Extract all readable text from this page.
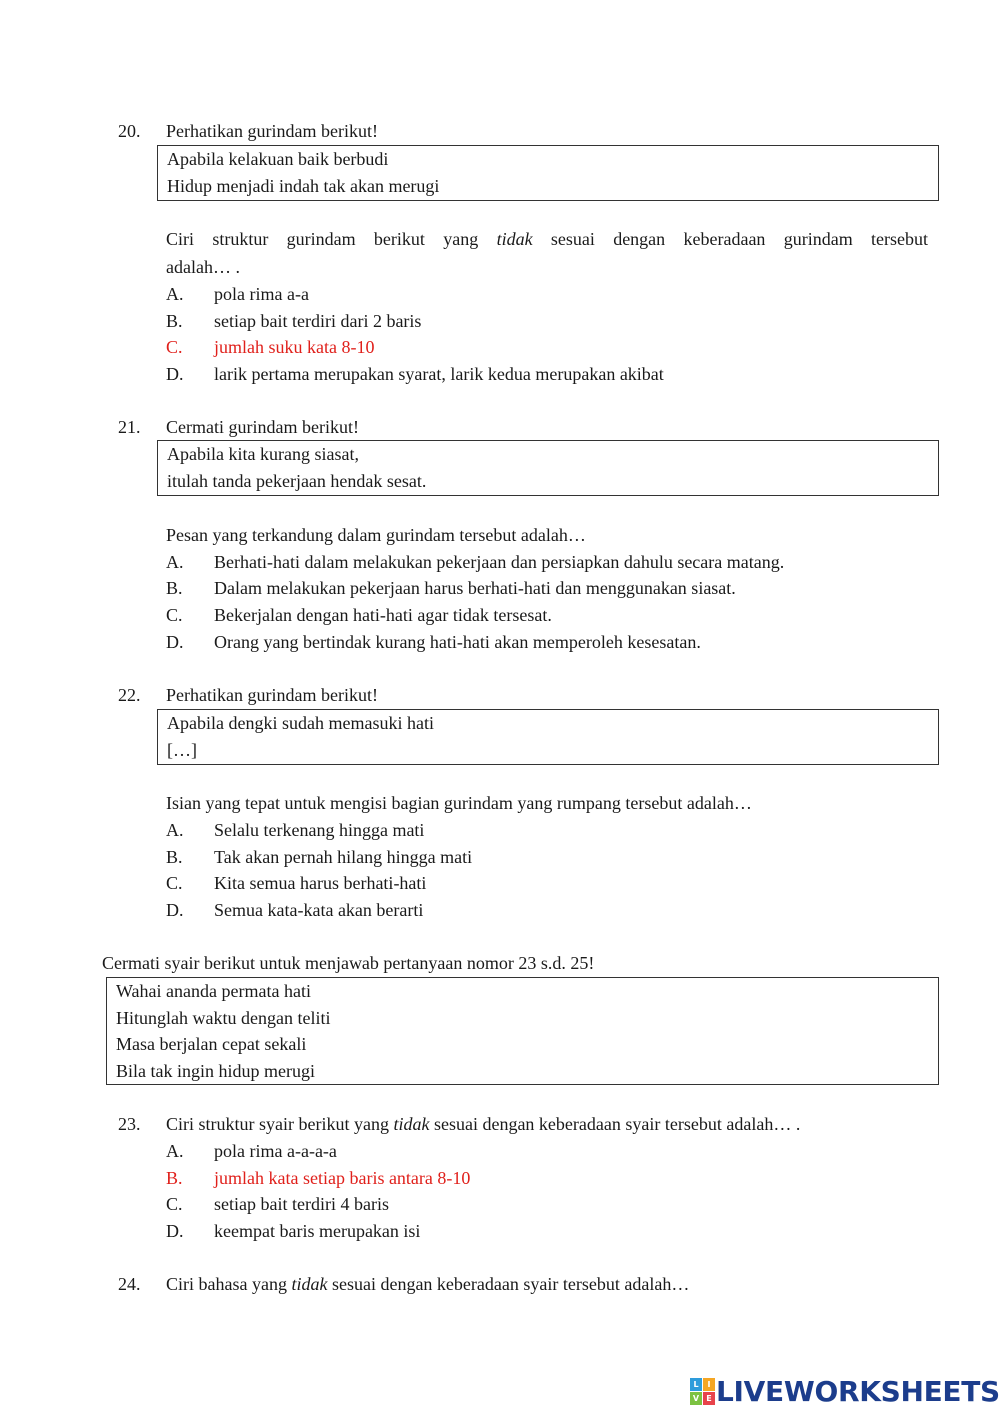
20. Perhatikan gurindam berikut!
Apabila kelakuan baik berbudi
Hidup menjadi indah tak akan merugi
Ciri struktur gurindam berikut yang tidak sesuai dengan keberadaan gurindam tersebut
adalah… .
A. pola rima a-a
B. setiap bait terdiri dari 2 baris
C. jumlah suku kata 8-10
D. larik pertama merupakan syarat, larik kedua merupakan akibat
21. Cermati gurindam berikut!
Apabila kita kurang siasat,
itulah tanda pekerjaan hendak sesat.
Pesan yang terkandung dalam gurindam tersebut adalah…
A. Berhati-hati dalam melakukan pekerjaan dan persiapkan dahulu secara matang.
B. Dalam melakukan pekerjaan harus berhati-hati dan menggunakan siasat.
C. Bekerjalan dengan hati-hati agar tidak tersesat.
D. Orang yang bertindak kurang hati-hati akan memperoleh kesesatan.
22. Perhatikan gurindam berikut!
Apabila dengki sudah memasuki hati
[…]
Isian yang tepat untuk mengisi bagian gurindam yang rumpang tersebut adalah…
A. Selalu terkenang hingga mati
B. Tak akan pernah hilang hingga mati
C. Kita semua harus berhati-hati
D. Semua kata-kata akan berarti
Cermati syair berikut untuk menjawab pertanyaan nomor 23 s.d. 25!
Wahai ananda permata hati
Hitunglah waktu dengan teliti
Masa berjalan cepat sekali
Bila tak ingin hidup merugi
23. Ciri struktur syair berikut yang tidak sesuai dengan keberadaan syair tersebut adalah… .
A. pola rima a-a-a-a
B. jumlah kata setiap baris antara 8-10
C. setiap bait terdiri 4 baris
D. keempat baris merupakan isi
24. Ciri bahasa yang tidak sesuai dengan keberadaan syair tersebut adalah…
L	I
V E LIVEWORKSHEETS
